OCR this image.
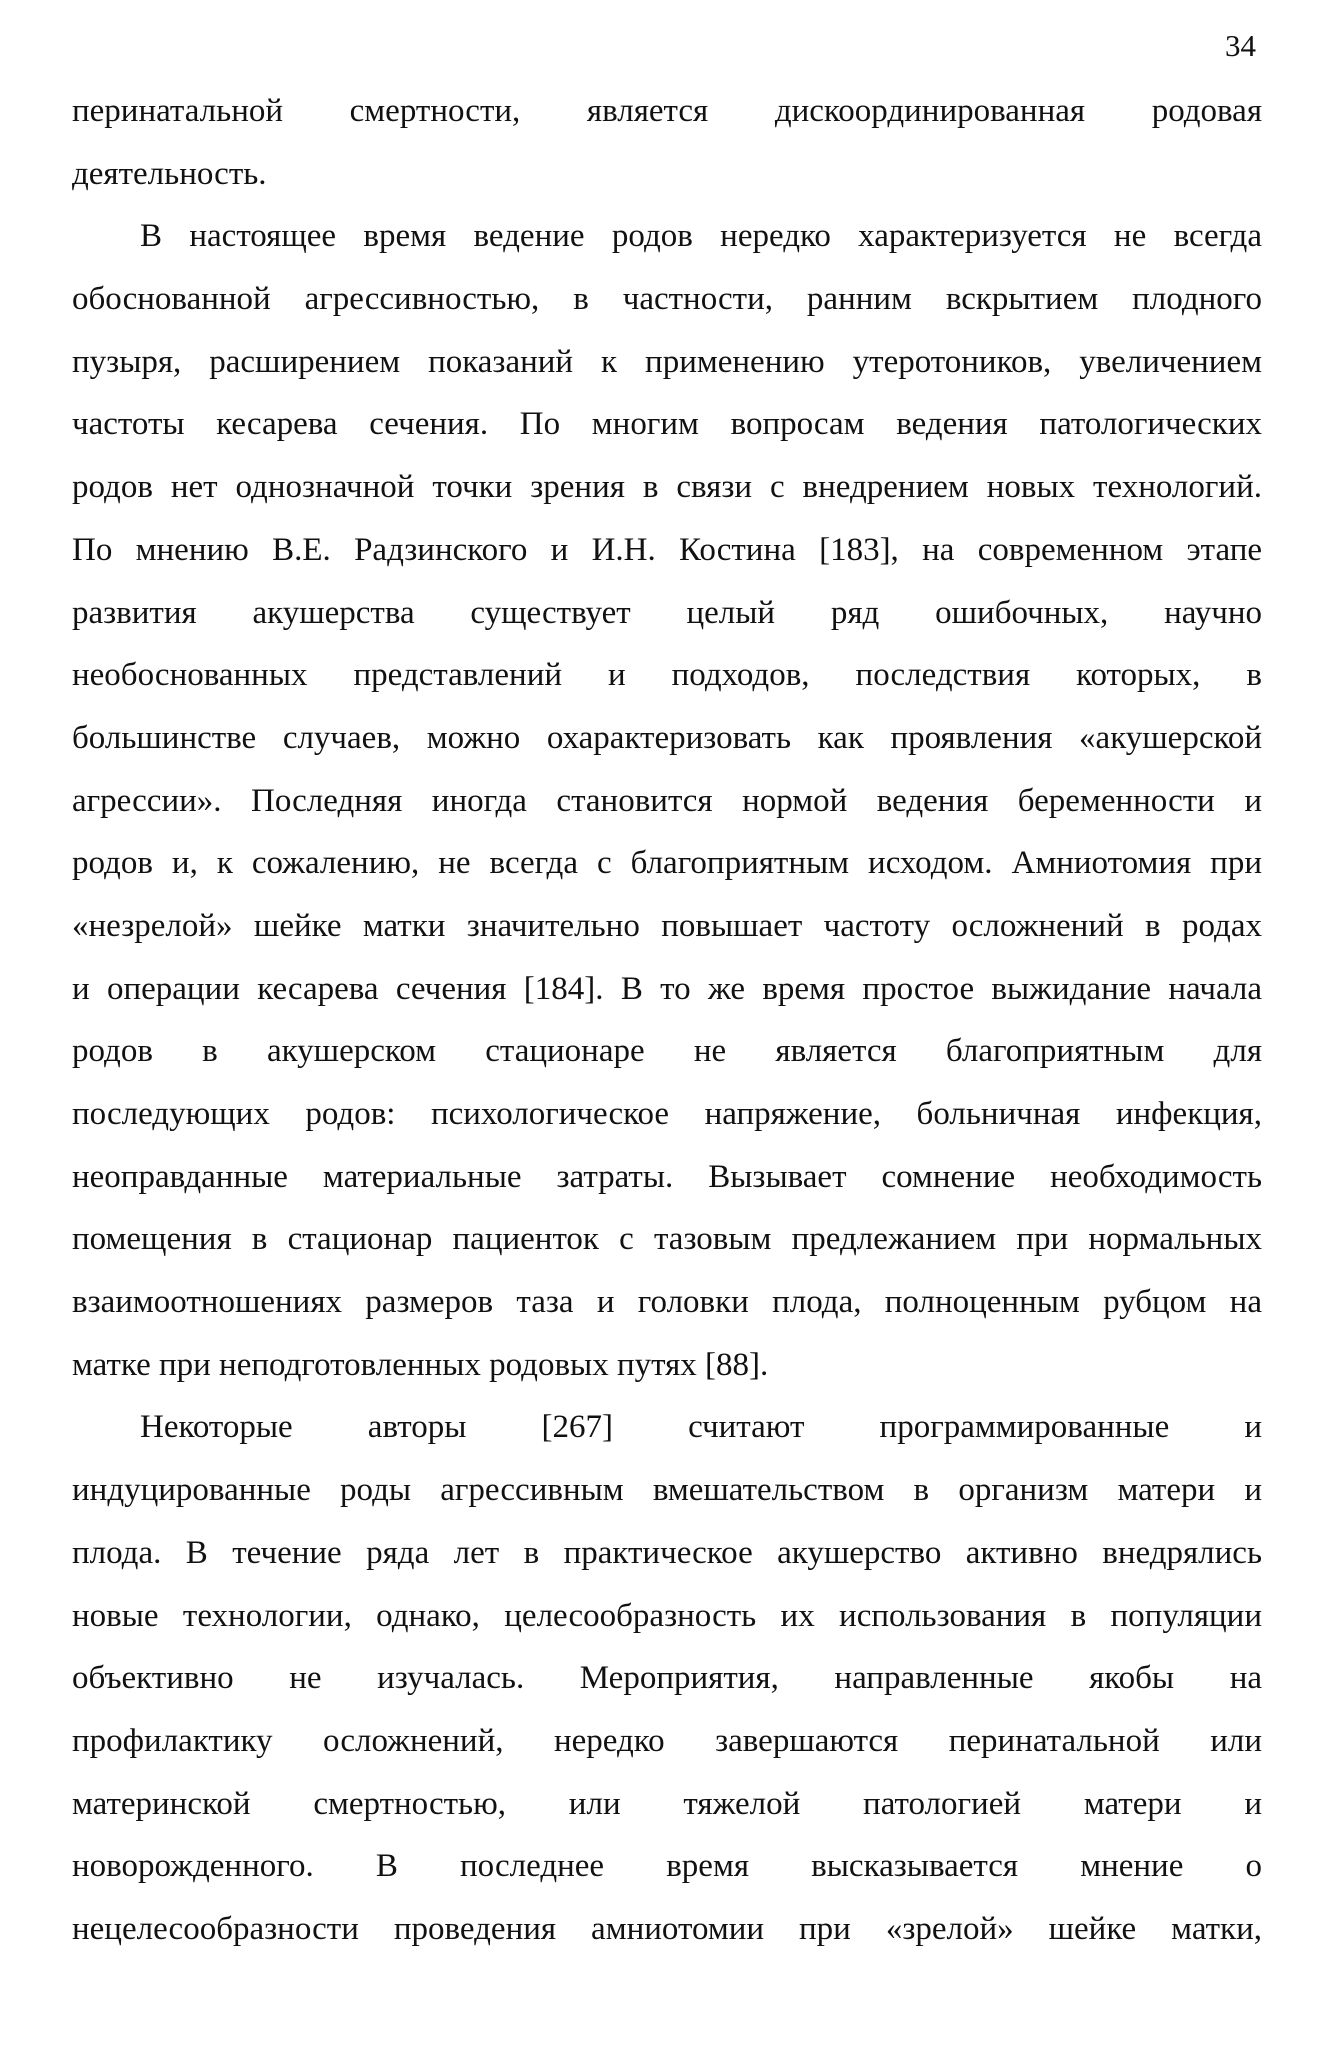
34
перинатальной смертности, является дискоординированная родовая
деятельность.
В настоящее время ведение родов нередко характеризуется не всегда
обоснованной агрессивностью, в частности, ранним вскрытием плодного
пузыря, расширением показаний к применению утеротоников, увеличением
частоты кесарева сечения. По многим вопросам ведения патологических
родов нет однозначной точки зрения в связи с внедрением новых технологий.
По мнению В.Е. Радзинского и И.Н. Костина [183], на современном этапе
развития акушерства существует целый ряд ошибочных, научно
необоснованных представлений и подходов, последствия которых, в
большинстве случаев, можно охарактеризовать как проявления «акушерской
агрессии». Последняя иногда становится нормой ведения беременности и
родов и, к сожалению, не всегда с благоприятным исходом. Амниотомия при
«незрелой» шейке матки значительно повышает частоту осложнений в родах
и операции кесарева сечения [184]. В то же время простое выжидание начала
родов в акушерском стационаре не является благоприятным для
последующих родов: психологическое напряжение, больничная инфекция,
неоправданные материальные затраты. Вызывает сомнение необходимость
помещения в стационар пациенток с тазовым предлежанием при нормальных
взаимоотношениях размеров таза и головки плода, полноценным рубцом на
матке при неподготовленных родовых путях [88].
Некоторые авторы [267] считают программированные и
индуцированные роды агрессивным вмешательством в организм матери и
плода. В течение ряда лет в практическое акушерство активно внедрялись
новые технологии, однако, целесообразность их использования в популяции
объективно не изучалась. Мероприятия, направленные якобы на
профилактику осложнений, нередко завершаются перинатальной или
материнской смертностью, или тяжелой патологией матери и
новорожденного. В последнее время высказывается мнение о
нецелесообразности проведения амниотомии при «зрелой» шейке матки,
